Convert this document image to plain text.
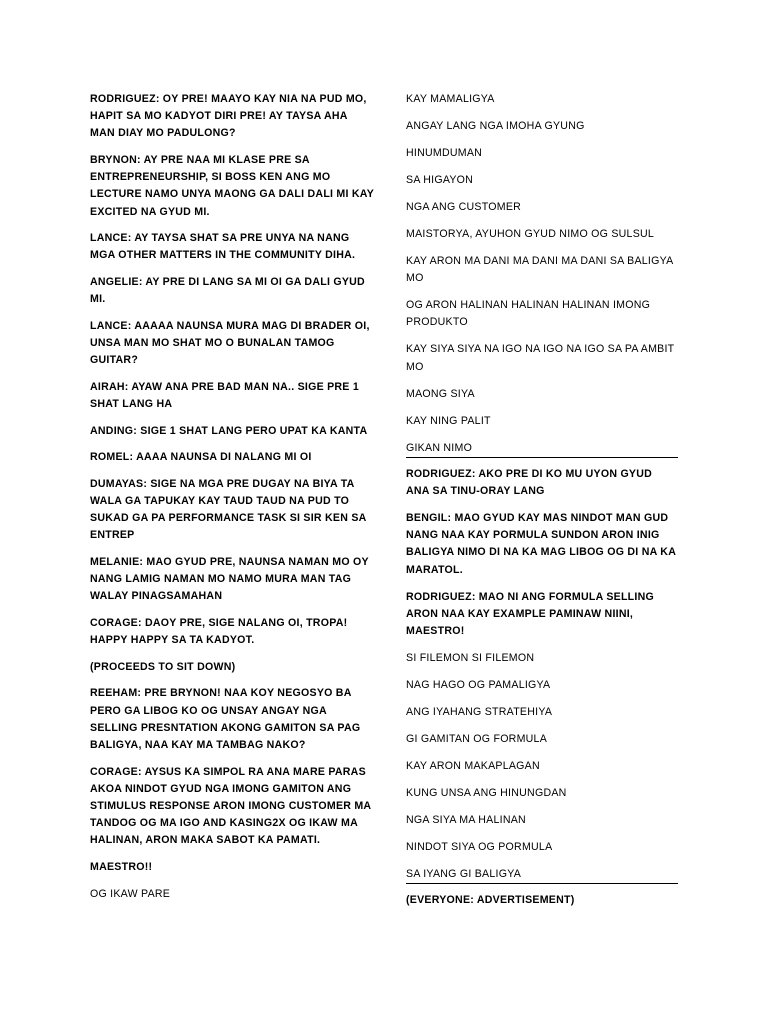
RODRIGUEZ: OY PRE! MAAYO KAY NIA NA PUD MO, HAPIT SA MO KADYOT DIRI PRE! AY TAYSA AHA MAN DIAY MO PADULONG?

BRYNON: AY PRE NAA MI KLASE PRE SA ENTREPRENEURSHIP, SI BOSS KEN ANG MO LECTURE NAMO UNYA MAONG GA DALI DALI MI KAY EXCITED NA GYUD MI.

LANCE: AY TAYSA SHAT SA PRE UNYA NA NANG MGA OTHER MATTERS IN THE COMMUNITY DIHA.

ANGELIE: AY PRE DI LANG SA MI OI GA DALI GYUD MI.

LANCE: AAAAA NAUNSA MURA MAG DI BRADER OI, UNSA MAN MO SHAT MO O BUNALAN TAMOG GUITAR?

AIRAH: AYAW ANA PRE BAD MAN NA.. SIGE PRE 1 SHAT LANG HA

ANDING: SIGE 1 SHAT LANG PERO UPAT KA KANTA

ROMEL: AAAA NAUNSA DI NALANG MI OI

DUMAYAS: SIGE NA MGA PRE DUGAY NA BIYA TA WALA GA TAPUKAY KAY TAUD TAUD NA PUD TO SUKAD GA PA PERFORMANCE TASK SI SIR KEN SA ENTREP

MELANIE: MAO GYUD PRE, NAUNSA NAMAN MO OY NANG LAMIG NAMAN MO NAMO MURA MAN TAG WALAY PINAGSAMAHAN

CORAGE: DAOY PRE, SIGE NALANG OI, TROPA! HAPPY HAPPY SA TA KADYOT.

(PROCEEDS TO SIT DOWN)

REEHAM: PRE BRYNON! NAA KOY NEGOSYO BA PERO GA LIBOG KO OG UNSAY ANGAY NGA SELLING PRESNTATION AKONG GAMITON SA PAG BALIGYA, NAA KAY MA TAMBAG NAKO?

CORAGE: AYSUS KA SIMPOL RA ANA MARE PARAS AKOA NINDOT GYUD NGA IMONG GAMITON ANG STIMULUS RESPONSE ARON IMONG CUSTOMER MA TANDOG OG MA IGO AND KASING2X OG IKAW MA HALINAN, ARON MAKA SABOT KA PAMATI.

MAESTRO!!

OG IKAW PARE

KAY MAMALIGYA

ANGAY LANG NGA IMOHA GYUNG

HINUMDUMAN

SA HIGAYON

NGA ANG CUSTOMER

MAISTORYA, AYUHON GYUD NIMO OG SULSUL

KAY ARON MA DANI MA DANI MA DANI SA BALIGYA MO

OG ARON HALINAN HALINAN HALINAN IMONG PRODUKTO

KAY SIYA SIYA NA IGO NA IGO NA IGO SA PA AMBIT MO

MAONG SIYA

KAY NING PALIT

GIKAN NIMO

RODRIGUEZ: AKO PRE DI KO MU UYON GYUD ANA SA TINU-ORAY LANG

BENGIL: MAO GYUD KAY MAS NINDOT MAN GUD NANG NAA KAY PORMULA SUNDON ARON INIG BALIGYA NIMO DI NA KA MAG LIBOG OG DI NA KA MARATOL.

RODRIGUEZ: MAO NI ANG FORMULA SELLING ARON NAA KAY EXAMPLE PAMINAW NIINI, MAESTRO!

SI FILEMON SI FILEMON

NAG HAGO OG PAMALIGYA

ANG IYAHANG STRATEHIYA

GI GAMITAN OG FORMULA

KAY ARON MAKAPLAGAN

KUNG UNSA ANG HINUNGDAN

NGA SIYA MA HALINAN

NINDOT SIYA OG PORMULA

SA IYANG GI BALIGYA

(EVERYONE: ADVERTISEMENT)
